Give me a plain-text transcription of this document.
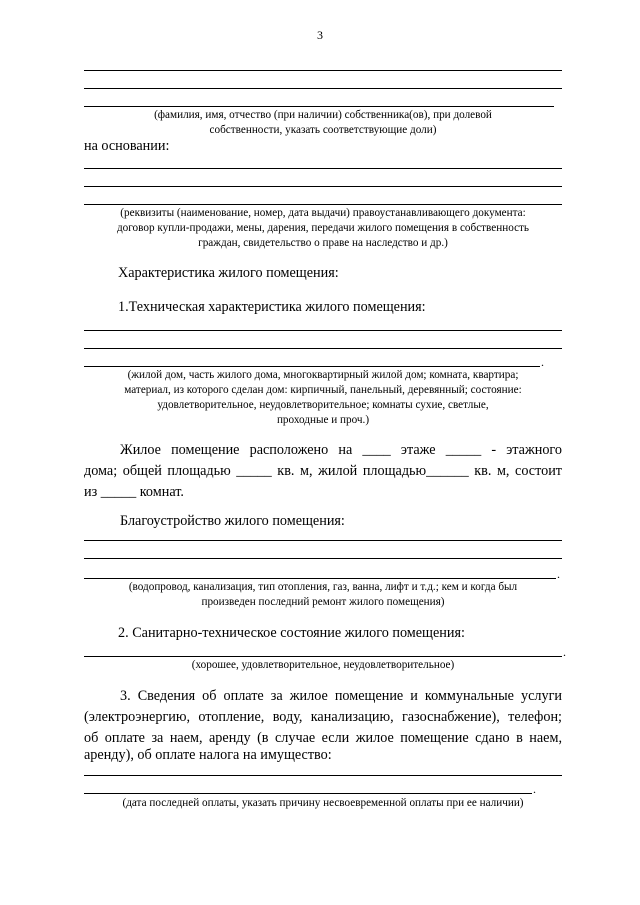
3
(фамилия, имя, отчество (при наличии) собственника(ов), при долевой
собственности, указать соответствующие доли)
на основании:
(реквизиты (наименование, номер, дата выдачи) правоустанавливающего документа:
договор купли-продажи, мены, дарения, передачи жилого помещения в собственность
граждан, свидетельство о праве на наследство и др.)
Характеристика жилого помещения:
1.Техническая характеристика жилого помещения:
.
(жилой дом, часть жилого дома, многоквартирный жилой дом; комната, квартира;
материал, из которого сделан дом: кирпичный, панельный, деревянный; состояние:
удовлетворительное, неудовлетворительное; комнаты сухие, светлые,
проходные и проч.)
Жилое помещение расположено на ____ этаже _____ - этажного
дома; общей площадью _____ кв. м, жилой площадью______ кв. м, состоит
из _____ комнат.
Благоустройство жилого помещения:
.
(водопровод, канализация, тип отопления, газ, ванна, лифт и т.д.; кем и когда был
произведен последний ремонт жилого помещения)
2. Санитарно-техническое состояние жилого помещения:
.
(хорошее, удовлетворительное, неудовлетворительное)
3. Сведения об оплате за жилое помещение и коммунальные услуги
(электроэнергию, отопление, воду, канализацию, газоснабжение), телефон;
об оплате за наем, аренду (в случае если жилое помещение сдано в наем,
аренду), об оплате налога на имущество:
.
(дата последней оплаты, указать причину несвоевременной оплаты при ее наличии)
